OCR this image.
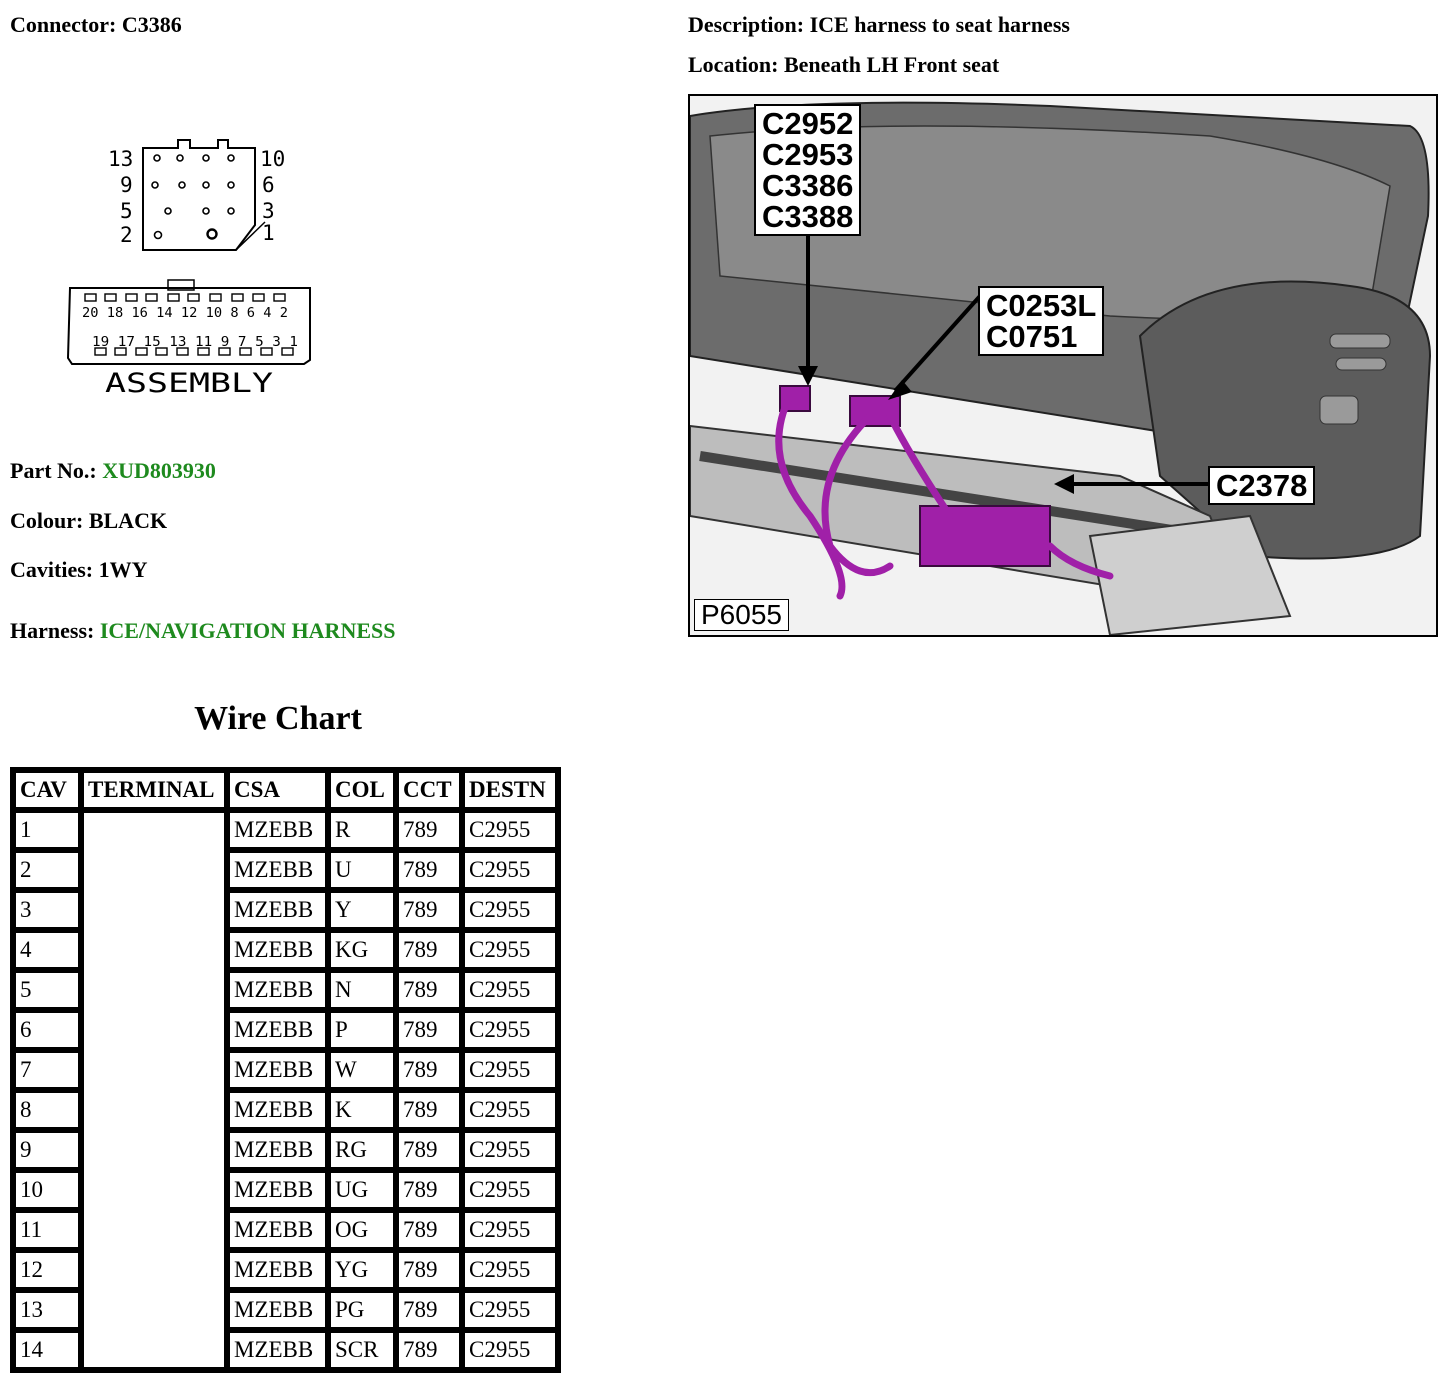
Connector: C3386	Description: ICE harness to seat harness
Location: Beneath LH Front seat
13
9
5
2
10
6
3
1
20 18 16 14 12 10 8 6 4 2
19 17 15 13 11 9 7 5 3 1
ASSEMBLY
Part No.: XUD803930
Colour: BLACK
Cavities: 1WY
Harness: ICE/NAVIGATION HARNESS
C2952
C2953
C3386
C3388
C0253L
C0751
C2378
P6055
Wire Chart
CAV	TERMINAL	CSA	COL	CCT	DESTN
1		MZEBB	R	789	C2955
2		MZEBB	U	789	C2955
3		MZEBB	Y	789	C2955
4		MZEBB	KG	789	C2955
5		MZEBB	N	789	C2955
6		MZEBB	P	789	C2955
7		MZEBB	W	789	C2955
8		MZEBB	K	789	C2955
9		MZEBB	RG	789	C2955
10		MZEBB	UG	789	C2955
11		MZEBB	OG	789	C2955
12		MZEBB	YG	789	C2955
13		MZEBB	PG	789	C2955
14		MZEBB	SCR	789	C2955
